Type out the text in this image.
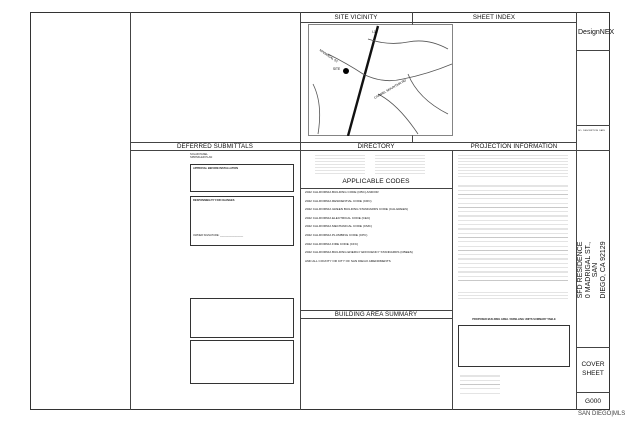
DesignNEX
NO.  DESCRIPTION  DATE
SFD RESIDENCE 0 MADRIGAL ST., SAN DIEGO, CA 92129
COVER
SHEET
G000
SITE VICINITY	SHEET INDEX
DEFERRED SUBMITTALS	DIRECTORY	PROJECTION INFORMATION
APPLICABLE CODES
BUILDING AREA SUMMARY
SITE
MADRIGAL ST
CARMEL MOUNTAIN RD
I-15
SOLAR PANEL
SPRINKLER PLAN
APPROVAL BEFORE INSTALLATION
RESPONSIBILITY FOR CHANGES
OWNER SIGNATURE: ________________
2022 CALIFORNIA BUILDING CODE (CBC) AND/OR
2022 CALIFORNIA RESIDENTIAL CODE (CRC)
2022 CALIFORNIA GREEN BUILDING STANDARDS CODE (CALGREEN)
2022 CALIFORNIA ELECTRICAL CODE (CEC)
2022 CALIFORNIA MECHANICAL CODE (CMC)
2022 CALIFORNIA PLUMBING CODE (CPC)
2022 CALIFORNIA FIRE CODE (CFC)
2022 CALIFORNIA BUILDING ENERGY EFFICIENCY STANDARDS (CBEES)
AND ALL COUNTY OR CITY OF SAN DIEGO AMENDMENTS
PROPOSED BUILDING AREA / DWELLING UNITS SUMMARY TABLE
SAN DIEGO|MLS
